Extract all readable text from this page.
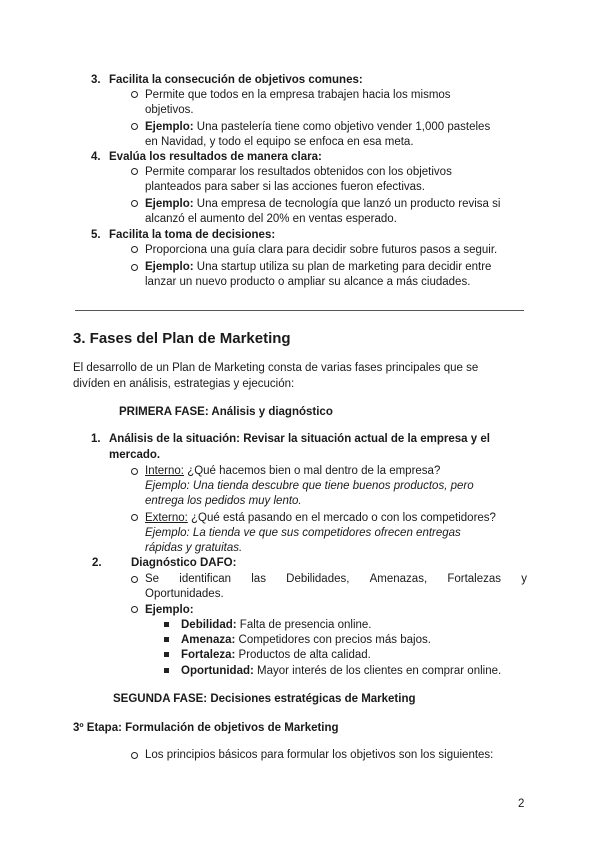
3. Facilita la consecución de objetivos comunes:
Permite que todos en la empresa trabajen hacia los mismos
objetivos.
Ejemplo: Una pastelería tiene como objetivo vender 1,000 pasteles
en Navidad, y todo el equipo se enfoca en esa meta.
4. Evalúa los resultados de manera clara:
Permite comparar los resultados obtenidos con los objetivos
planteados para saber si las acciones fueron efectivas.
Ejemplo: Una empresa de tecnología que lanzó un producto revisa si
alcanzó el aumento del 20% en ventas esperado.
5. Facilita la toma de decisiones:
Proporciona una guía clara para decidir sobre futuros pasos a seguir.
Ejemplo: Una startup utiliza su plan de marketing para decidir entre
lanzar un nuevo producto o ampliar su alcance a más ciudades.
3. Fases del Plan de Marketing
El desarrollo de un Plan de Marketing consta de varias fases principales que se
divíden en análisis, estrategias y ejecución:
PRIMERA FASE: Análisis y diagnóstico
1. Análisis de la situación: Revisar la situación actual de la empresa y el
mercado.
Interno: ¿Qué hacemos bien o mal dentro de la empresa?
Ejemplo: Una tienda descubre que tiene buenos productos, pero
entrega los pedidos muy lento.
Externo: ¿Qué está pasando en el mercado o con los competidores?
Ejemplo: La tienda ve que sus competidores ofrecen entregas
rápidas y gratuitas.
2.	Diagnóstico DAFO:
Se identifican las Debilidades, Amenazas, Fortalezas y
Oportunidades.
Ejemplo:
Debilidad: Falta de presencia online.
Amenaza: Competidores con precios más bajos.
Fortaleza: Productos de alta calidad.
Oportunidad: Mayor interés de los clientes en comprar online.
SEGUNDA FASE: Decisiones estratégicas de Marketing
3º Etapa: Formulación de objetivos de Marketing
Los principios básicos para formular los objetivos son los siguientes:
2
